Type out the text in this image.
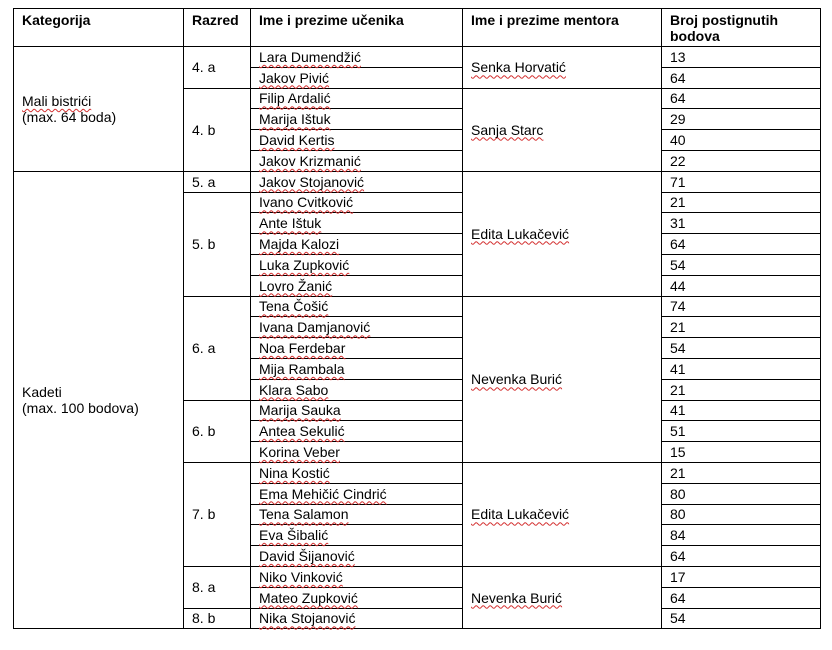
Kategorija	Razred	Ime i prezime učenika	Ime i prezime mentora	Broj postignutih bodova

Mali bistrići
(max. 64 boda)	4. a	Lara Dumendžić	Senka Horvatić	13
		Jakov Pivić		64
	4. b	Filip Ardalić	Sanja Starc	64
		Marija Ištuk		29
		David Kertis		40
		Jakov Krizmanić		22

Kadeti
(max. 100 bodova)	5. a	Jakov Stojanović	Edita Lukačević	71
	5. b	Ivano Cvitković		21
		Ante Ištuk		31
		Majda Kalozi		64
		Luka Zupković		54
		Lovro Žanić		44
	6. a	Tena Čošić	Nevenka Burić	74
		Ivana Damjanović		21
		Noa Ferdebar		54
		Mija Rambala		41
		Klara Sabo		21
	6. b	Marija Sauka		41
		Antea Sekulić		51
		Korina Veber		15
	7. b	Nina Kostić	Edita Lukačević	21
		Ema Mehičić Cindrić		80
		Tena Salamon		80
		Eva Šibalić		84
		David Šijanović		64
	8. a	Niko Vinković	Nevenka Burić	17
		Mateo Zupković		64
	8. b	Nika Stojanović		54
